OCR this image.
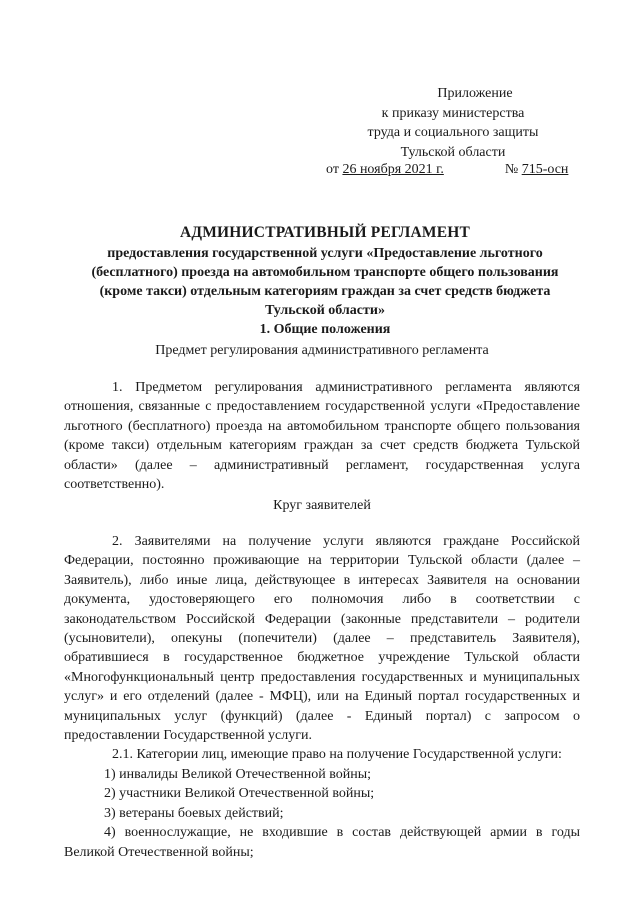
Приложение
к приказу министерства
труда и социального защиты
Тульской области
от 26 ноября 2021 г.	№ 715-осн
АДМИНИСТРАТИВНЫЙ РЕГЛАМЕНТ
предоставления государственной услуги «Предоставление льготного (бесплатного) проезда на автомобильном транспорте общего пользования (кроме такси) отдельным категориям граждан за счет средств бюджета Тульской области»
1. Общие положения
Предмет регулирования административного регламента

1. Предметом регулирования административного регламента являются отношения, связанные с предоставлением государственной услуги «Предоставление льготного (бесплатного) проезда на автомобильном транспорте общего пользования (кроме такси) отдельным категориям граждан за счет средств бюджета Тульской области» (далее – административный регламент, государственная услуга соответственно).

Круг заявителей

2. Заявителями на получение услуги являются граждане Российской Федерации, постоянно проживающие на территории Тульской области (далее – Заявитель), либо иные лица, действующее в интересах Заявителя на основании документа, удостоверяющего его полномочия либо в соответствии с законодательством Российской Федерации (законные представители – родители (усыновители), опекуны (попечители) (далее – представитель Заявителя), обратившиеся в государственное бюджетное учреждение Тульской области «Многофункциональный центр предоставления государственных и муниципальных услуг» и его отделений (далее - МФЦ), или на Единый портал государственных и муниципальных услуг (функций) (далее - Единый портал) с запросом о предоставлении Государственной услуги.

2.1. Категории лиц, имеющие право на получение Государственной услуги:

1) инвалиды Великой Отечественной войны;

2) участники Великой Отечественной войны;

3) ветераны боевых действий;

4) военнослужащие, не входившие в состав действующей армии в годы Великой Отечественной войны;
